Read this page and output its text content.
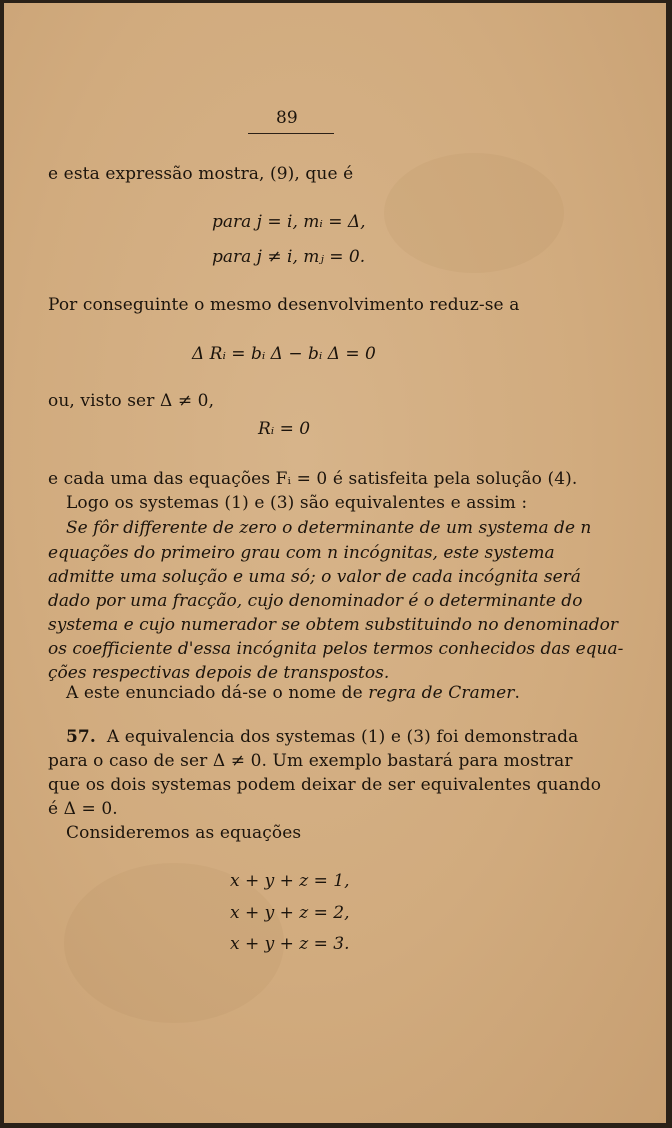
89
e esta expressão mostra, (9), que é
para j = i, mᵢ = Δ,
para j ≠ i, mⱼ = 0.
Por conseguinte o mesmo desenvolvimento reduz-se a
Δ Rᵢ = bᵢ Δ − bᵢ Δ = 0
ou, visto ser Δ ≠ 0,
Rᵢ = 0
e cada uma das equações Fᵢ = 0 é satisfeita pela solução (4).
Logo os systemas (1) e (3) são equivalentes e assim :
Se fôr differente de zero o determinante de um systema de n
equações do primeiro grau com n incógnitas, este systema
admitte uma solução e uma só; o valor de cada incógnita será
dado por uma fracção, cujo denominador é o determinante do
systema e cujo numerador se obtem substituindo no denominador
os coefficiente d'essa incógnita pelos termos conhecidos das equa-
ções respectivas depois de transpostos.
A este enunciado dá-se o nome de regra de Cramer.
57. A equivalencia dos systemas (1) e (3) foi demonstrada
para o caso de ser Δ ≠ 0. Um exemplo bastará para mostrar
que os dois systemas podem deixar de ser equivalentes quando
é Δ = 0.
Consideremos as equações
x + y + z = 1,
x + y + z = 2,
x + y + z = 3.
